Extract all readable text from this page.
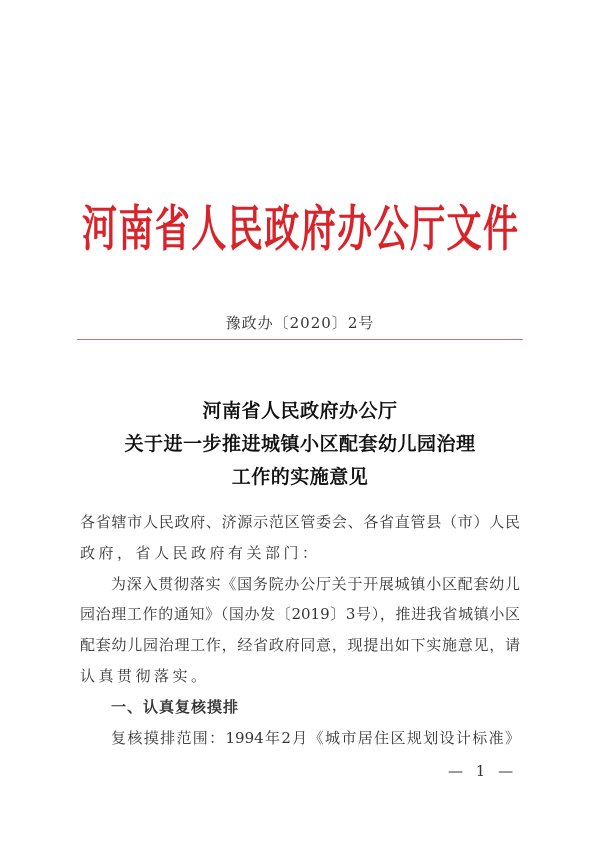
河南省人民政府办公厅文件
豫政办〔2020〕2号
河南省人民政府办公厅
关于进一步推进城镇小区配套幼儿园治理
工作的实施意见
各省辖市人民政府、济源示范区管委会、各省直管县（市）人民
政府，省人民政府有关部门：
为深入贯彻落实《国务院办公厅关于开展城镇小区配套幼儿
园治理工作的通知》（国办发〔2019〕3号），推进我省城镇小区
配套幼儿园治理工作，经省政府同意，现提出如下实施意见，请
认真贯彻落实。
一、认真复核摸排
复核摸排范围：1994年2月《城市居住区规划设计标准》
— 1 —
